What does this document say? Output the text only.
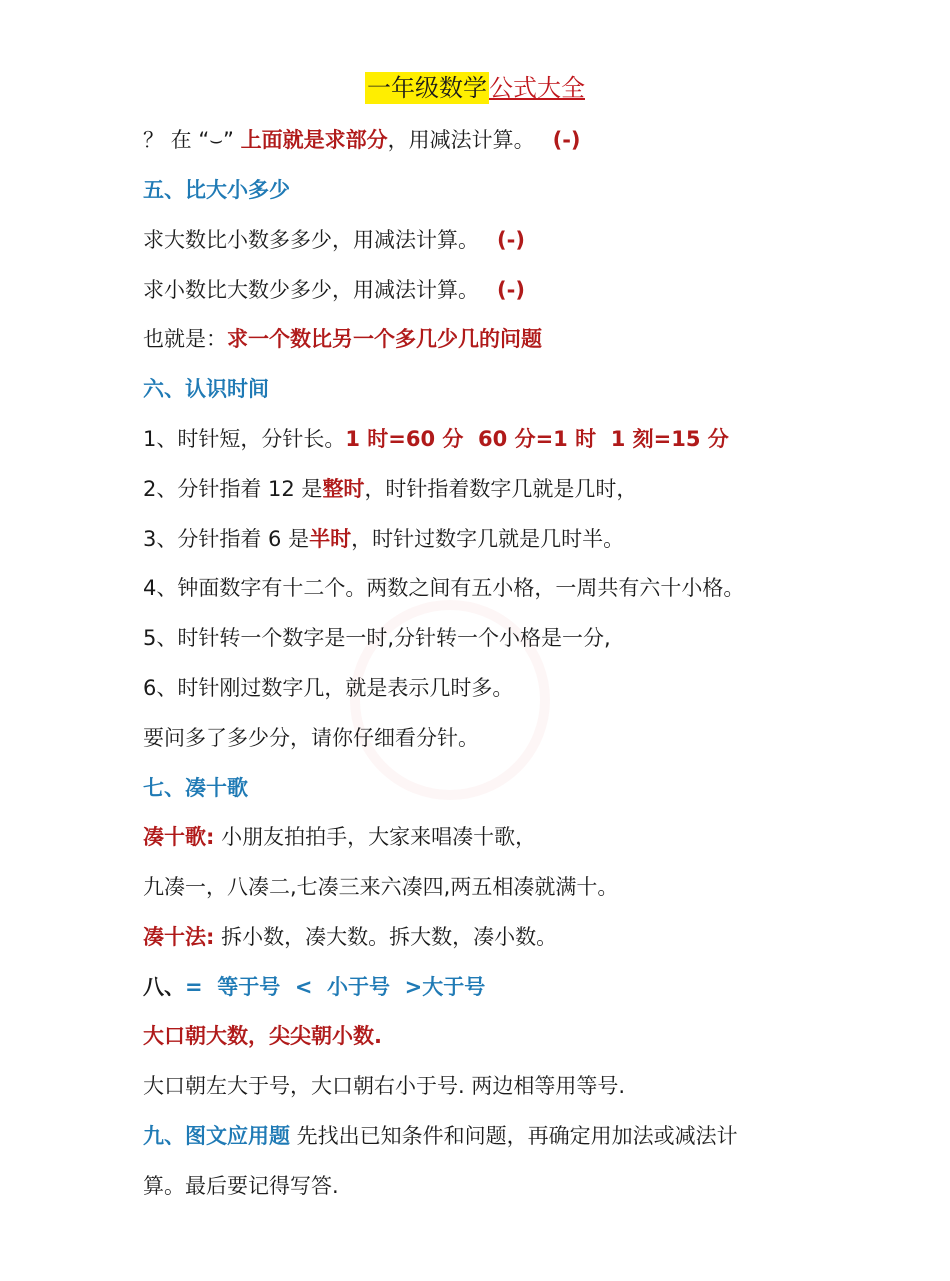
一年级数学公式大全
？ 在 “⌣” 上面就是求部分，用减法计算。 (-)
五、比大小多少
求大数比小数多多少，用减法计算。 (-)
求小数比大数少多少，用减法计算。 (-)
也就是：求一个数比另一个多几少几的问题
六、认识时间
1、时针短，分针长。1 时=60 分  60 分=1 时  1 刻=15 分
2、分针指着 12 是整时，时针指着数字几就是几时，
3、分针指着 6 是半时，时针过数字几就是几时半。
4、钟面数字有十二个。两数之间有五小格，一周共有六十小格。
5、时针转一个数字是一时,分针转一个小格是一分,
6、时针刚过数字几，就是表示几时多。
要问多了多少分，请你仔细看分针。
七、凑十歌
凑十歌: 小朋友拍拍手，大家来唱凑十歌，
九凑一，八凑二,七凑三来六凑四,两五相凑就满十。
凑十法: 拆小数，凑大数。拆大数，凑小数。
八、=  等于号  <  小于号  >大于号
大口朝大数，尖尖朝小数.
大口朝左大于号，大口朝右小于号. 两边相等用等号.
九、图文应用题 先找出已知条件和问题，再确定用加法或减法计
算。最后要记得写答.
